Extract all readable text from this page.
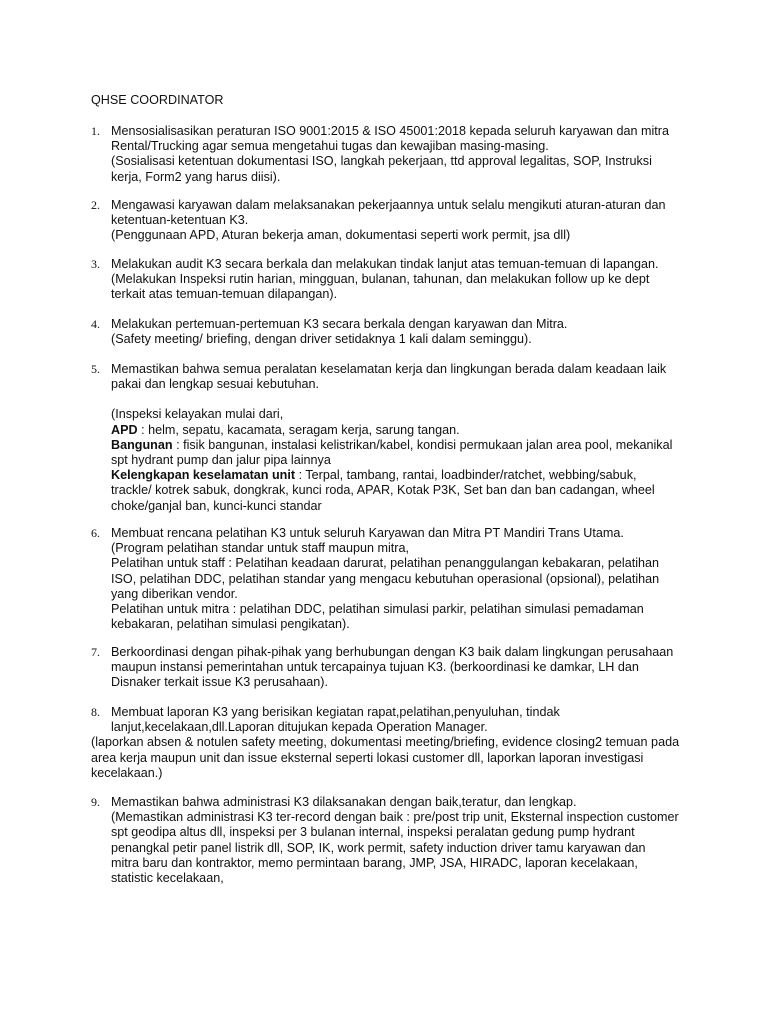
QHSE COORDINATOR
1. Mensosialisasikan peraturan ISO 9001:2015 & ISO 45001:2018 kepada seluruh karyawan dan mitra

Rental/Trucking agar semua mengetahui tugas dan kewajiban masing-masing.

(Sosialisasi ketentuan dokumentasi ISO, langkah pekerjaan, ttd approval legalitas, SOP, Instruksi

kerja, Form2 yang harus diisi).

2. Mengawasi karyawan dalam melaksanakan pekerjaannya untuk selalu mengikuti aturan-aturan dan

ketentuan-ketentuan K3.

(Penggunaan APD, Aturan bekerja aman, dokumentasi seperti work permit, jsa dll)

3. Melakukan audit K3 secara berkala dan melakukan tindak lanjut atas temuan-temuan di lapangan.

(Melakukan Inspeksi rutin harian, mingguan, bulanan, tahunan, dan melakukan follow up ke dept

terkait atas temuan-temuan dilapangan).

4. Melakukan pertemuan-pertemuan K3 secara berkala dengan karyawan dan Mitra.

(Safety meeting/ briefing, dengan driver setidaknya 1 kali dalam seminggu).

5. Memastikan bahwa semua peralatan keselamatan kerja dan lingkungan berada dalam keadaan laik

pakai dan lengkap sesuai kebutuhan.

(Inspeksi kelayakan mulai dari,

APD : helm, sepatu, kacamata, seragam kerja, sarung tangan.

Bangunan : fisik bangunan, instalasi kelistrikan/kabel, kondisi permukaan jalan area pool, mekanikal

spt hydrant pump dan jalur pipa lainnya

Kelengkapan keselamatan unit : Terpal, tambang, rantai, loadbinder/ratchet, webbing/sabuk,

trackle/ kotrek sabuk, dongkrak, kunci roda, APAR, Kotak P3K, Set ban dan ban cadangan, wheel

choke/ganjal ban, kunci-kunci standar

6. Membuat rencana pelatihan K3 untuk seluruh Karyawan dan Mitra PT Mandiri Trans Utama.

(Program pelatihan standar untuk staff maupun mitra,

Pelatihan untuk staff : Pelatihan keadaan darurat, pelatihan penanggulangan kebakaran, pelatihan

ISO, pelatihan DDC, pelatihan standar yang mengacu kebutuhan operasional (opsional), pelatihan

yang diberikan vendor.

Pelatihan untuk mitra : pelatihan DDC, pelatihan simulasi parkir, pelatihan simulasi pemadaman

kebakaran, pelatihan simulasi pengikatan).

7. Berkoordinasi dengan pihak-pihak yang berhubungan dengan K3 baik dalam lingkungan perusahaan

maupun instansi pemerintahan untuk tercapainya tujuan K3. (berkoordinasi ke damkar, LH dan

Disnaker terkait issue K3 perusahaan).

8. Membuat laporan K3 yang berisikan kegiatan rapat,pelatihan,penyuluhan, tindak

lanjut,kecelakaan,dll.Laporan ditujukan kepada Operation Manager.

(laporkan absen & notulen safety meeting, dokumentasi meeting/briefing, evidence closing2 temuan pada

area kerja maupun unit dan issue eksternal seperti lokasi customer dll, laporkan laporan investigasi

kecelakaan.)

9. Memastikan bahwa administrasi K3 dilaksanakan dengan baik,teratur, dan lengkap.

(Memastikan administrasi K3 ter-record dengan baik : pre/post trip unit, Eksternal inspection customer

spt geodipa altus dll, inspeksi per 3 bulanan internal, inspeksi peralatan gedung pump hydrant

penangkal petir panel listrik dll, SOP, IK, work permit, safety induction driver tamu karyawan dan

mitra baru dan kontraktor, memo permintaan barang, JMP, JSA, HIRADC, laporan kecelakaan,

statistic kecelakaan,
